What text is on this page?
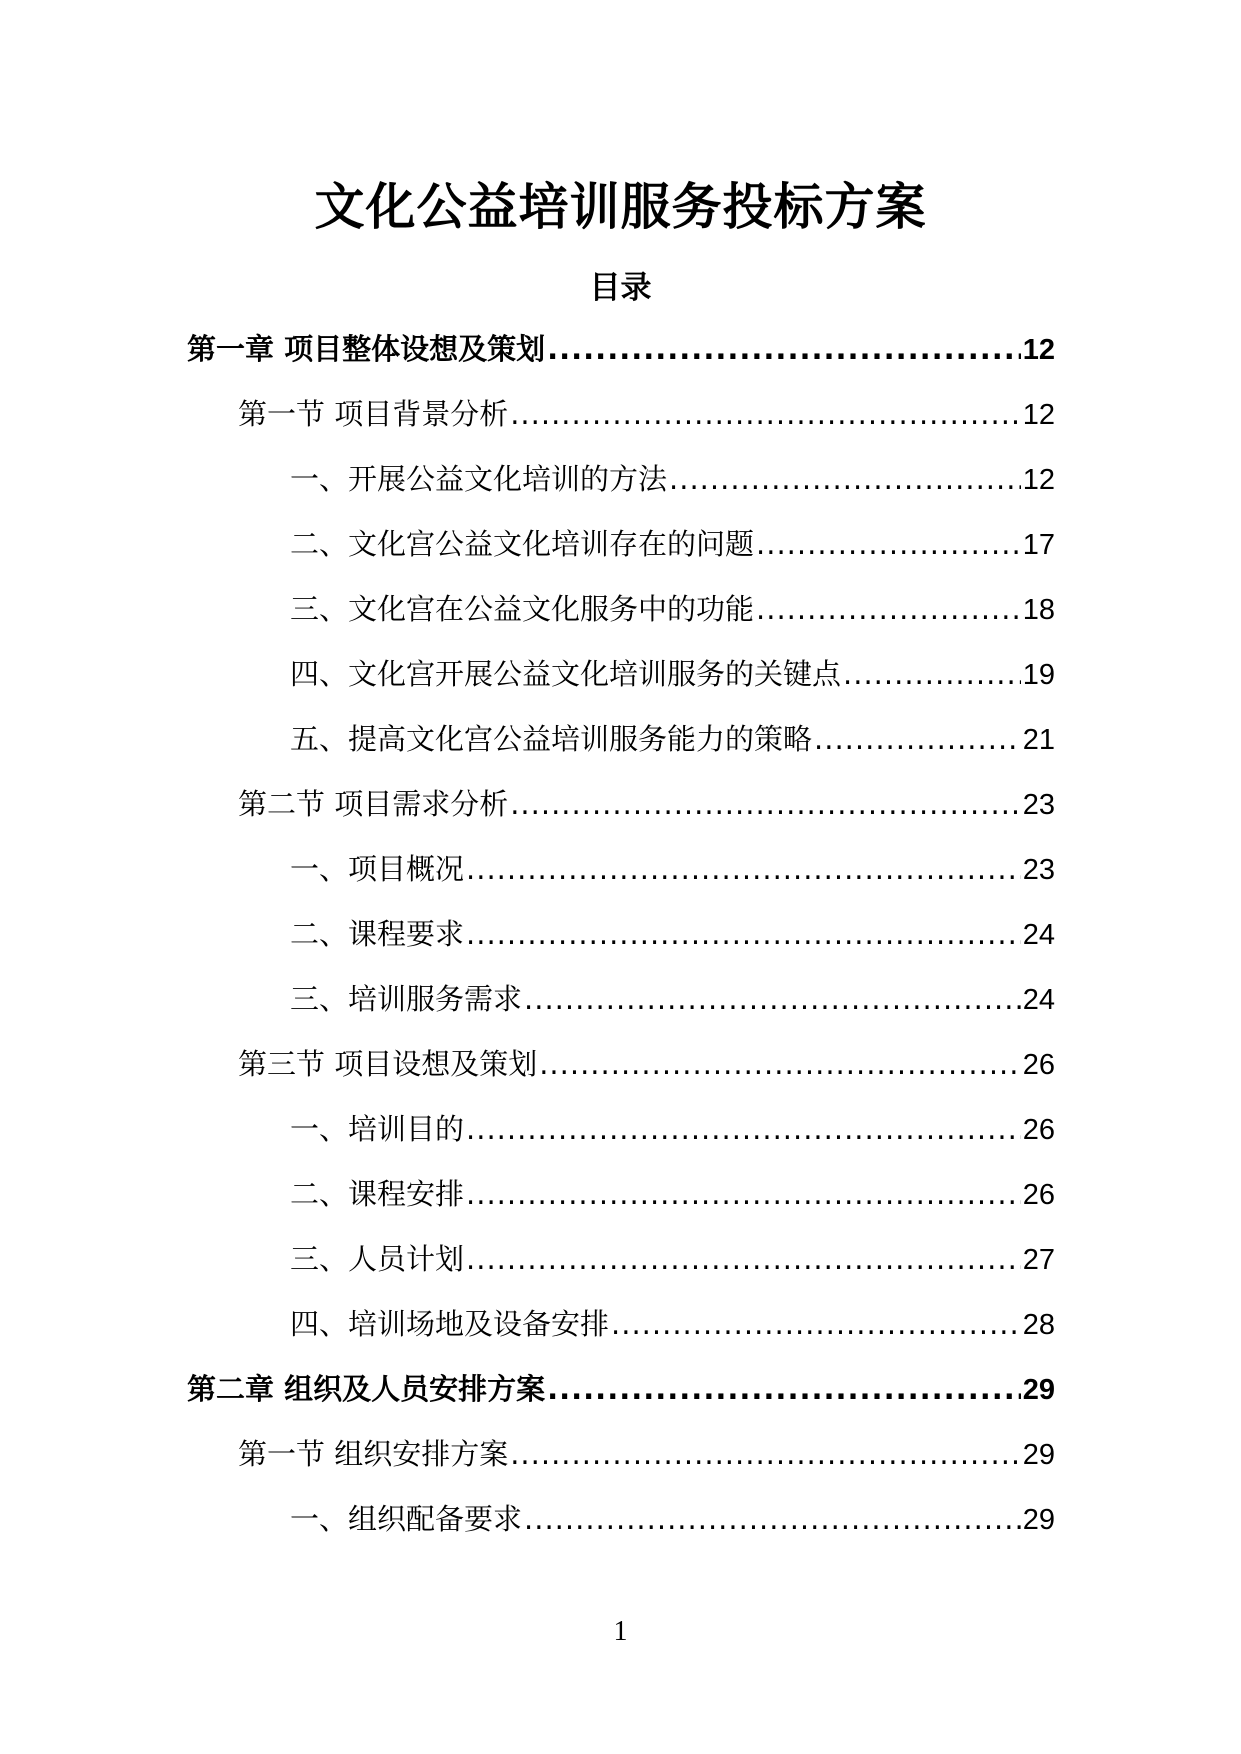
文化公益培训服务投标方案
目录
第一章 项目整体设想及策划 .....	12
第一节 项目背景分析 .....	12
一、开展公益文化培训的方法 .....	12
二、文化宫公益文化培训存在的问题 .....	17
三、文化宫在公益文化服务中的功能 .....	18
四、文化宫开展公益文化培训服务的关键点 .....	19
五、提高文化宫公益培训服务能力的策略 .....	21
第二节 项目需求分析 .....	23
一、项目概况 .....	23
二、课程要求 .....	24
三、培训服务需求 .....	24
第三节 项目设想及策划 .....	26
一、培训目的 .....	26
二、课程安排 .....	26
三、人员计划 .....	27
四、培训场地及设备安排 .....	28
第二章 组织及人员安排方案 .....	29
第一节 组织安排方案 .....	29
一、组织配备要求 .....	29
1
